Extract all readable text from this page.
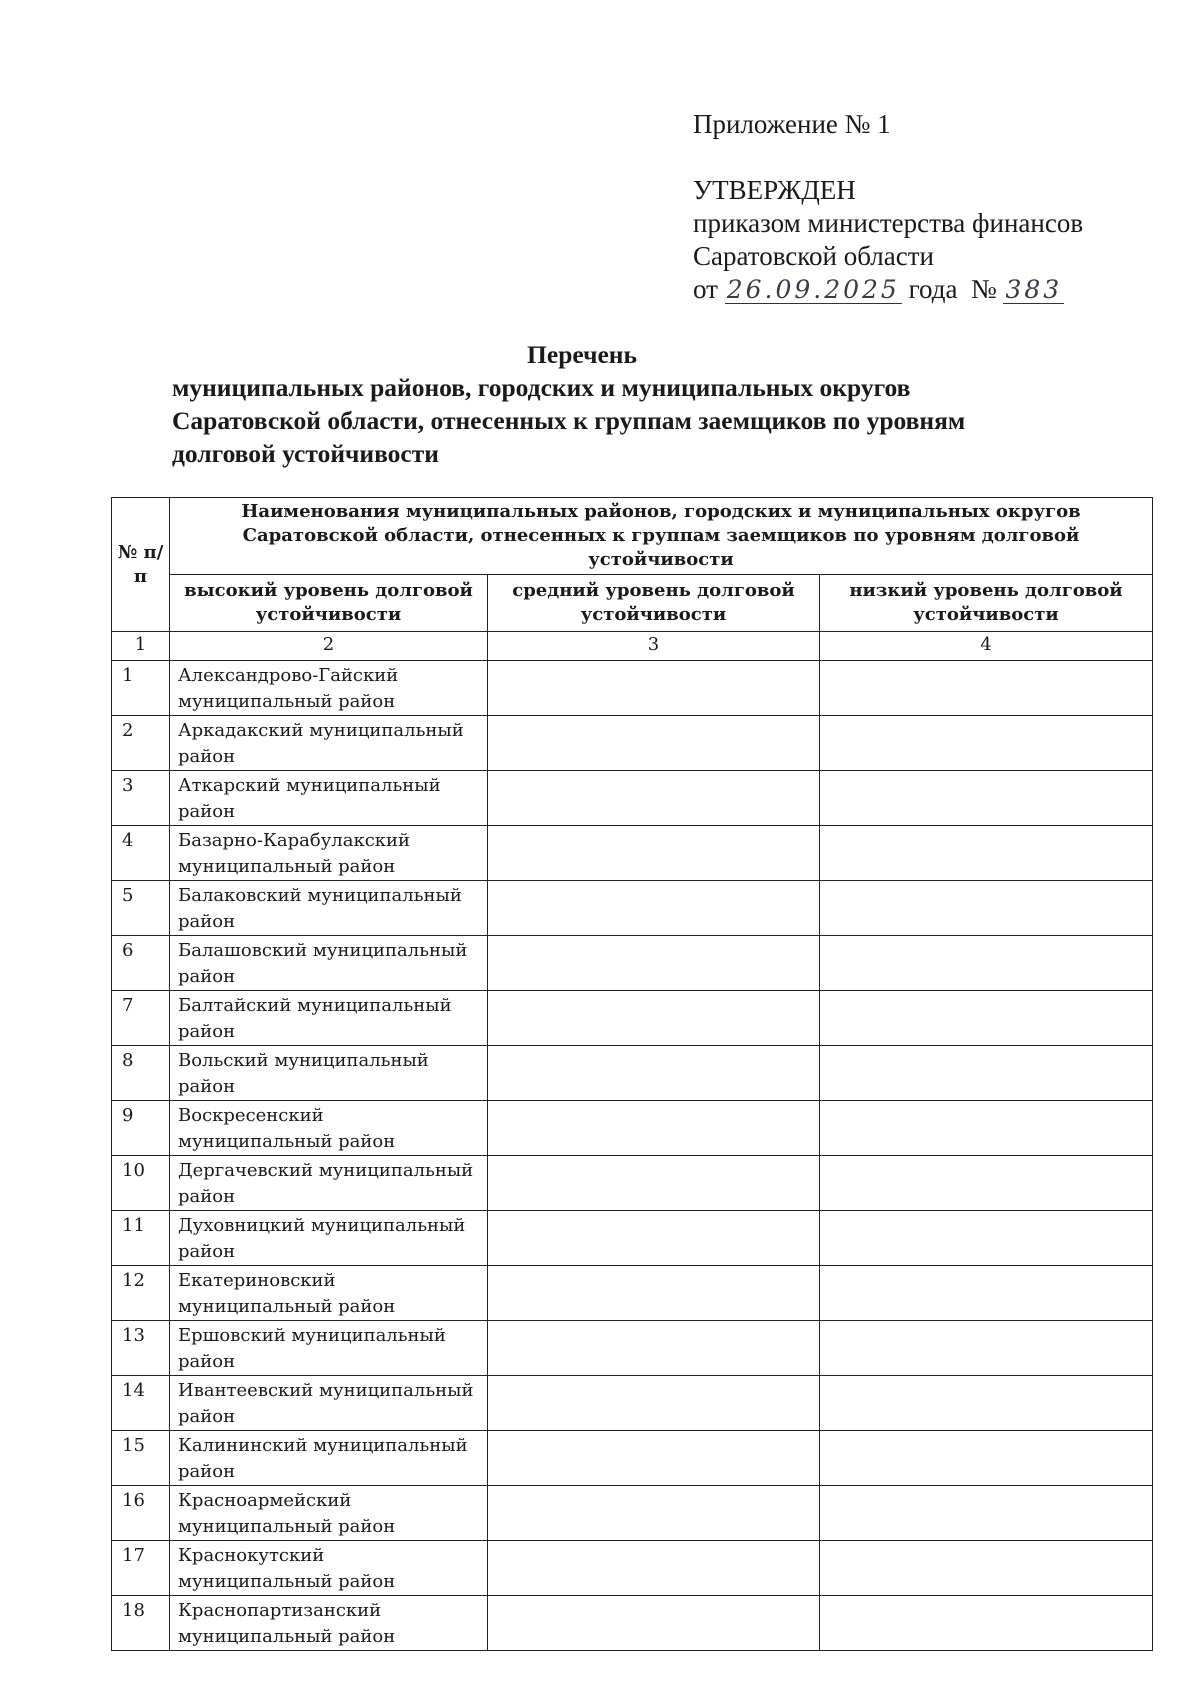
Приложение № 1

УТВЕРЖДЕН

приказом министерства финансов

Саратовской области

от 26.09.2025 года № 383

Перечень
муниципальных районов, городских и муниципальных округов
Саратовской области, отнесенных к группам заемщиков по уровням
долговой устойчивости
№ п/п	Наименования муниципальных районов, городских и муниципальных округов Саратовской области, отнесенных к группам заемщиков по уровням долговой устойчивости		
	высокий уровень долговой устойчивости	средний уровень долговой устойчивости	низкий уровень долговой устойчивости
1	2	3	4
1	Александрово-Гайский муниципальный район		
2	Аркадакский муниципальный район		
3	Аткарский муниципальный район		
4	Базарно-Карабулакский муниципальный район		
5	Балаковский муниципальный район		
6	Балашовский муниципальный район		
7	Балтайский муниципальный район		
8	Вольский муниципальный район		
9	Воскресенский муниципальный район		
10	Дергачевский муниципальный район		
11	Духовницкий муниципальный район		
12	Екатериновский муниципальный район		
13	Ершовский муниципальный район		
14	Ивантеевский муниципальный район		
15	Калининский муниципальный район		
16	Красноармейский муниципальный район		
17	Краснокутский муниципальный район		
18	Краснопартизанский муниципальный район		
